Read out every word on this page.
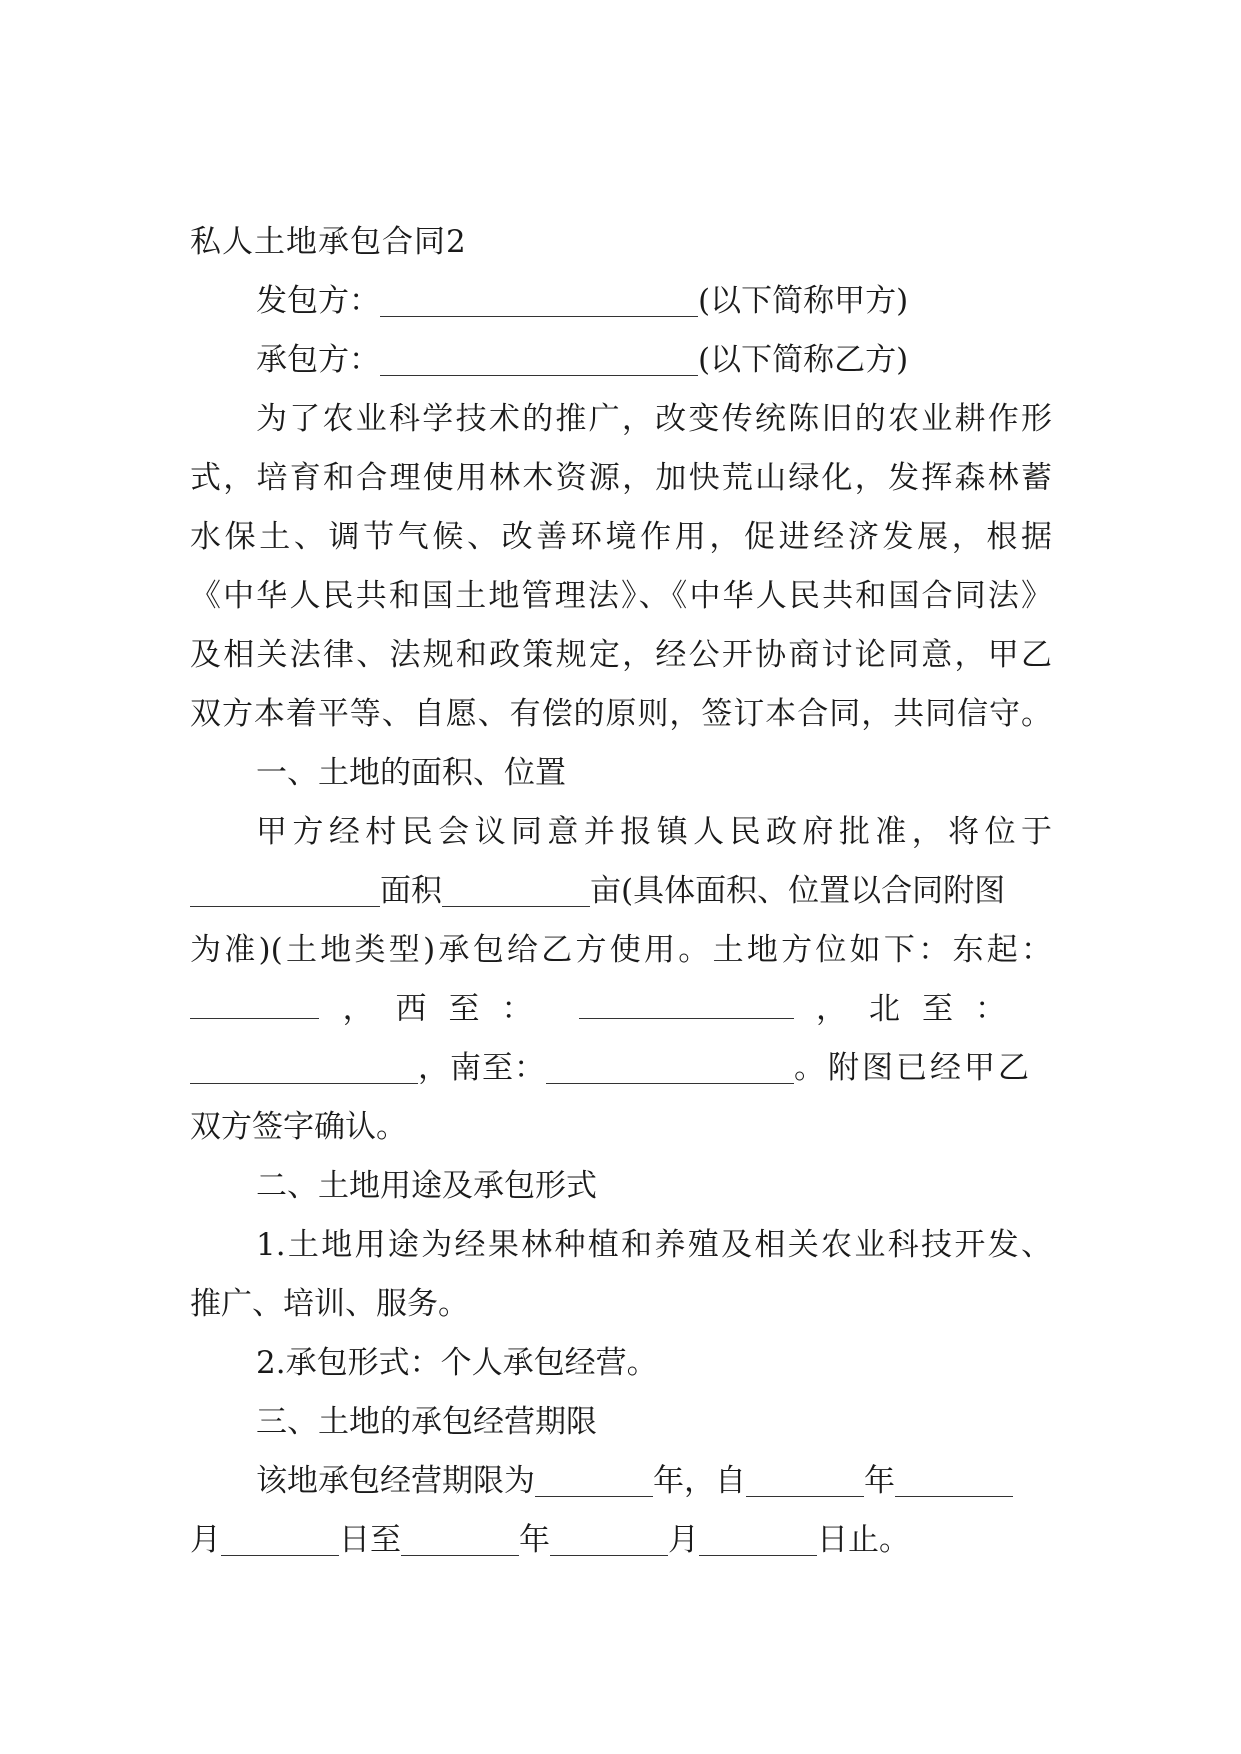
私人土地承包合同2
发包方：	(以下简称甲方)
承包方：	(以下简称乙方)
为了农业科学技术的推广，改变传统陈旧的农业耕作形
式，培育和合理使用林木资源，加快荒山绿化，发挥森林蓄
水保土、调节气候、改善环境作用，促进经济发展，根据
《中华人民共和国土地管理法》、《中华人民共和国合同法》
及相关法律、法规和政策规定，经公开协商讨论同意，甲乙
双方本着平等、自愿、有偿的原则，签订本合同，共同信守。
一、土地的面积、位置
甲方经村民会议同意并报镇人民政府批准，将位于
面积	亩(具体面积、位置以合同附图
为准)(土地类型)承包给乙方使用。土地方位如下：东起：
，西至：	，北至：
，南至：	。附图已经甲乙
双方签字确认。
二、土地用途及承包形式
1.土地用途为经果林种植和养殖及相关农业科技开发、
推广、培训、服务。
2.承包形式：个人承包经营。
三、土地的承包经营期限
该地承包经营期限为	年，自	年
月	日至	年	月	日止。
